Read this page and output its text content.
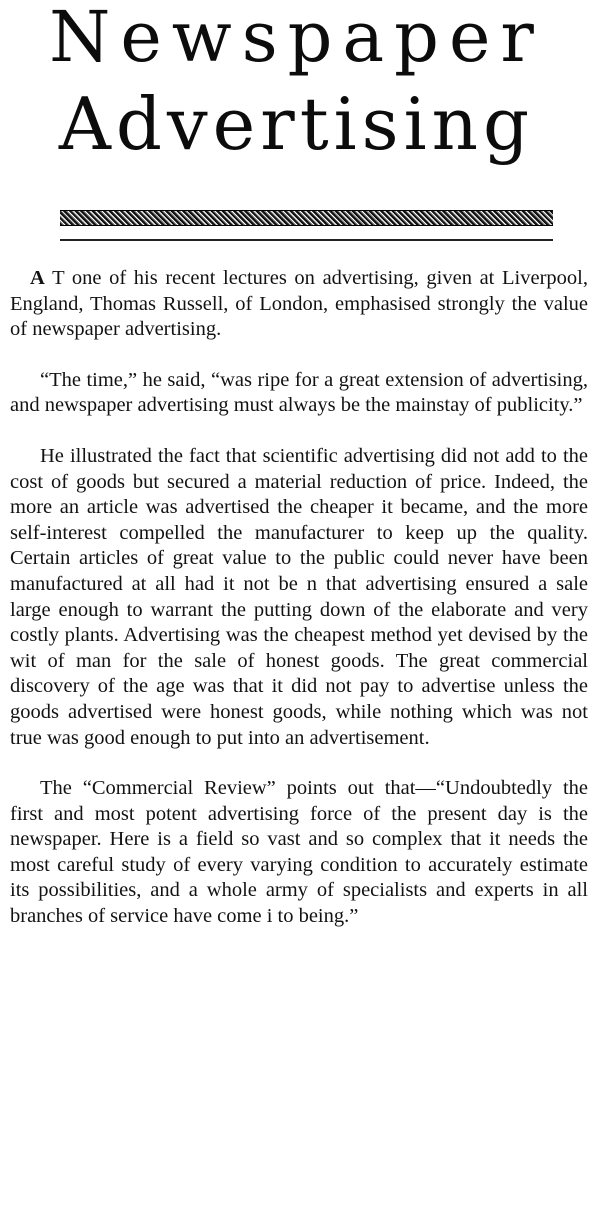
Newspaper
Advertising

A T one of his recent lectures on advertising, given at Liverpool, England, Thomas Russell, of London, emphasised strongly the value of newspaper advertising.

“The time,” he said, “was ripe for a great extension of advertising, and newspaper advertising must always be the mainstay of publicity.”

He illustrated the fact that scientific advertising did not add to the cost of goods but secured a material reduction of price. Indeed, the more an article was advertised the cheaper it became, and the more self-interest compelled the manufacturer to keep up the quality. Certain articles of great value to the public could never have been manufactured at all had it not be n that advertising ensured a sale large enough to warrant the putting down of the elaborate and very costly plants. Advertising was the cheapest method yet devised by the wit of man for the sale of honest goods. The great commercial discovery of the age was that it did not pay to advertise unless the goods advertised were honest goods, while nothing which was not true was good enough to put into an advertisement.

The “Commercial Review” points out that—“Undoubtedly the first and most potent advertising force of the present day is the newspaper. Here is a field so vast and so complex that it needs the most careful study of every varying condition to accurately estimate its possibilities, and a whole army of specialists and experts in all branches of service have come i to being.”
